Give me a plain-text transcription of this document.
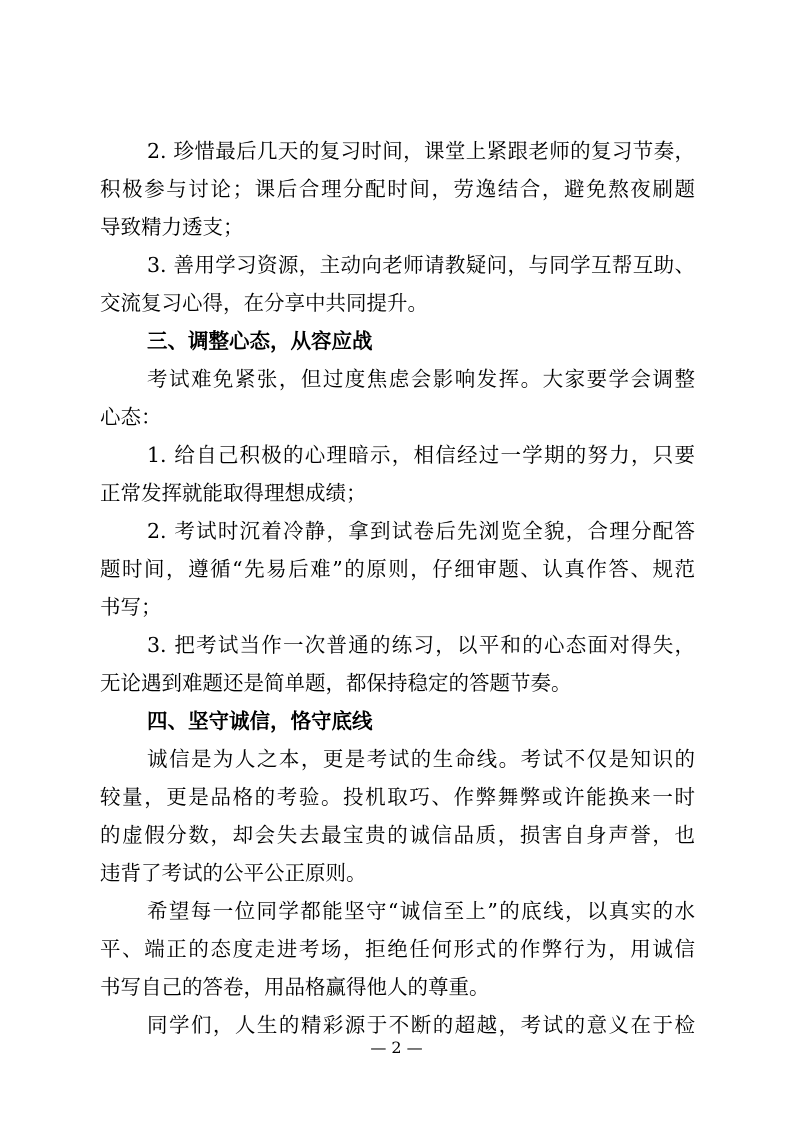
2. 珍惜最后几天的复习时间，课堂上紧跟老师的复习节奏，
积极参与讨论；课后合理分配时间，劳逸结合，避免熬夜刷题
导致精力透支；
3. 善用学习资源，主动向老师请教疑问，与同学互帮互助、
交流复习心得，在分享中共同提升。
三、调整心态，从容应战
考试难免紧张，但过度焦虑会影响发挥。大家要学会调整
心态：
1. 给自己积极的心理暗示，相信经过一学期的努力，只要
正常发挥就能取得理想成绩；
2. 考试时沉着冷静，拿到试卷后先浏览全貌，合理分配答
题时间，遵循“先易后难”的原则，仔细审题、认真作答、规范
书写；
3. 把考试当作一次普通的练习，以平和的心态面对得失，
无论遇到难题还是简单题，都保持稳定的答题节奏。
四、坚守诚信，恪守底线
诚信是为人之本，更是考试的生命线。考试不仅是知识的
较量，更是品格的考验。投机取巧、作弊舞弊或许能换来一时
的虚假分数，却会失去最宝贵的诚信品质，损害自身声誉，也
违背了考试的公平公正原则。
希望每一位同学都能坚守“诚信至上”的底线，以真实的水
平、端正的态度走进考场，拒绝任何形式的作弊行为，用诚信
书写自己的答卷，用品格赢得他人的尊重。
同学们，人生的精彩源于不断的超越，考试的意义在于检
— 2 —
